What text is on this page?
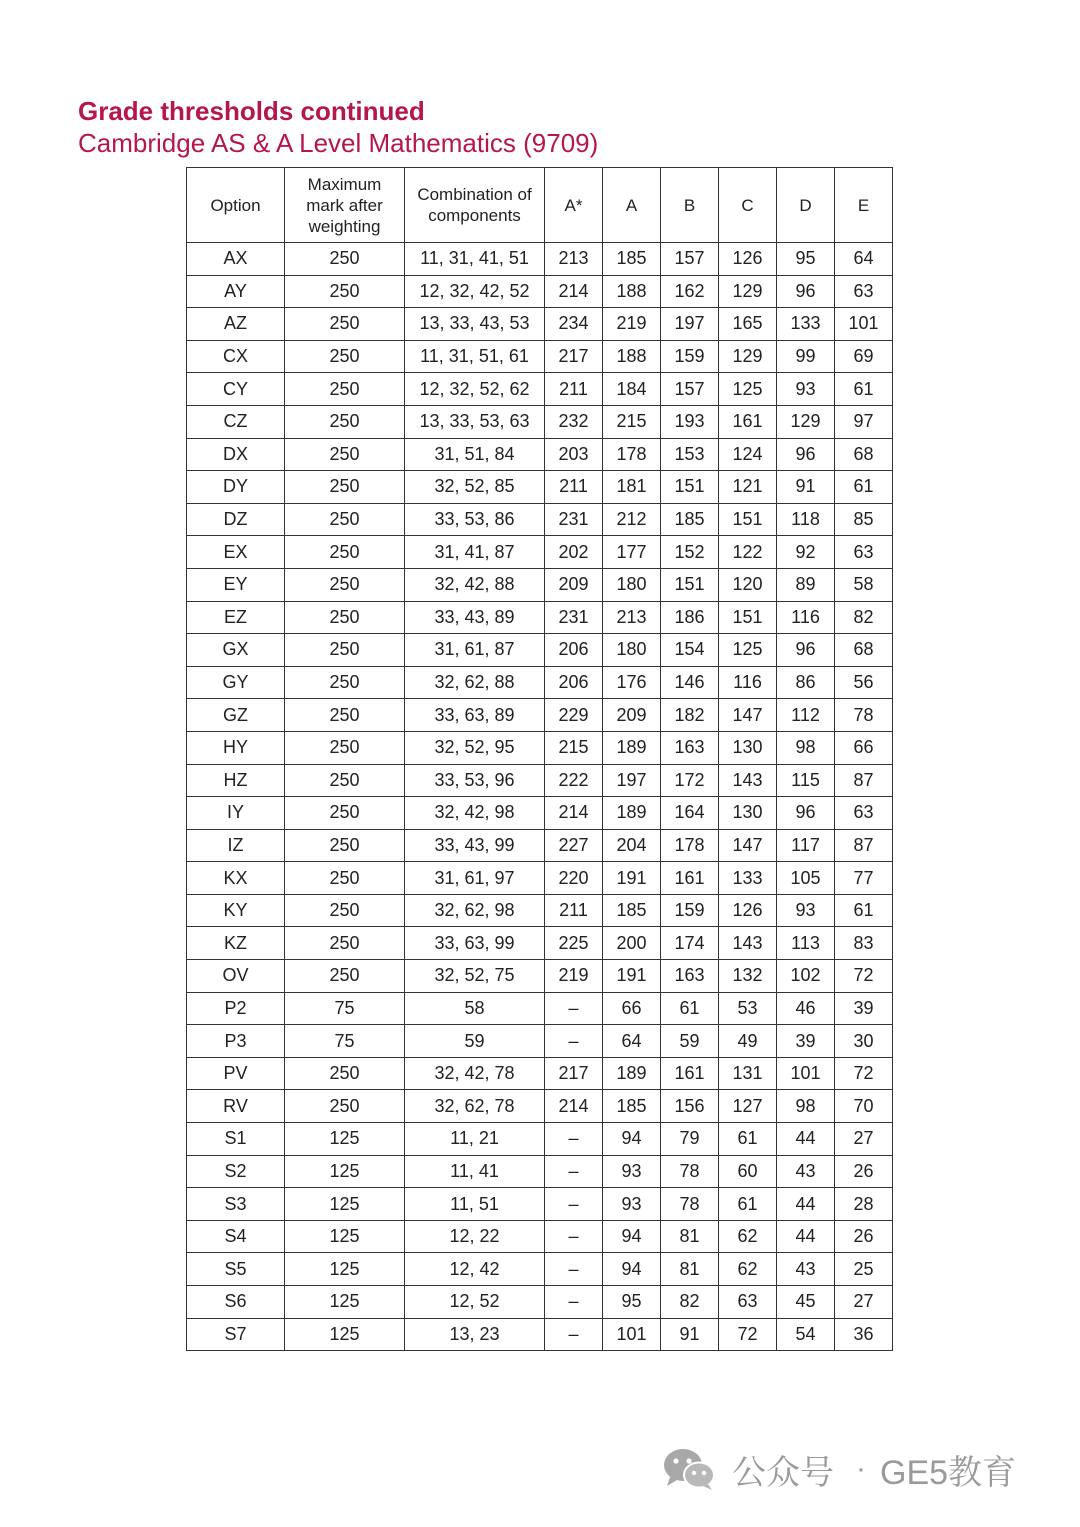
Grade thresholds continued
Cambridge AS & A Level Mathematics (9709)
Option	Maximum mark after weighting	Combination of components	A*	A	B	C	D	E
AX	250	11, 31, 41, 51	213	185	157	126	95	64
AY	250	12, 32, 42, 52	214	188	162	129	96	63
AZ	250	13, 33, 43, 53	234	219	197	165	133	101
CX	250	11, 31, 51, 61	217	188	159	129	99	69
CY	250	12, 32, 52, 62	211	184	157	125	93	61
CZ	250	13, 33, 53, 63	232	215	193	161	129	97
DX	250	31, 51, 84	203	178	153	124	96	68
DY	250	32, 52, 85	211	181	151	121	91	61
DZ	250	33, 53, 86	231	212	185	151	118	85
EX	250	31, 41, 87	202	177	152	122	92	63
EY	250	32, 42, 88	209	180	151	120	89	58
EZ	250	33, 43, 89	231	213	186	151	116	82
GX	250	31, 61, 87	206	180	154	125	96	68
GY	250	32, 62, 88	206	176	146	116	86	56
GZ	250	33, 63, 89	229	209	182	147	112	78
HY	250	32, 52, 95	215	189	163	130	98	66
HZ	250	33, 53, 96	222	197	172	143	115	87
IY	250	32, 42, 98	214	189	164	130	96	63
IZ	250	33, 43, 99	227	204	178	147	117	87
KX	250	31, 61, 97	220	191	161	133	105	77
KY	250	32, 62, 98	211	185	159	126	93	61
KZ	250	33, 63, 99	225	200	174	143	113	83
OV	250	32, 52, 75	219	191	163	132	102	72
P2	75	58	–	66	61	53	46	39
P3	75	59	–	64	59	49	39	30
PV	250	32, 42, 78	217	189	161	131	101	72
RV	250	32, 62, 78	214	185	156	127	98	70
S1	125	11, 21	–	94	79	61	44	27
S2	125	11, 41	–	93	78	60	43	26
S3	125	11, 51	–	93	78	61	44	28
S4	125	12, 22	–	94	81	62	44	26
S5	125	12, 42	–	94	81	62	43	25
S6	125	12, 52	–	95	82	63	45	27
S7	125	13, 23	–	101	91	72	54	36
公众号 · GE5教育
